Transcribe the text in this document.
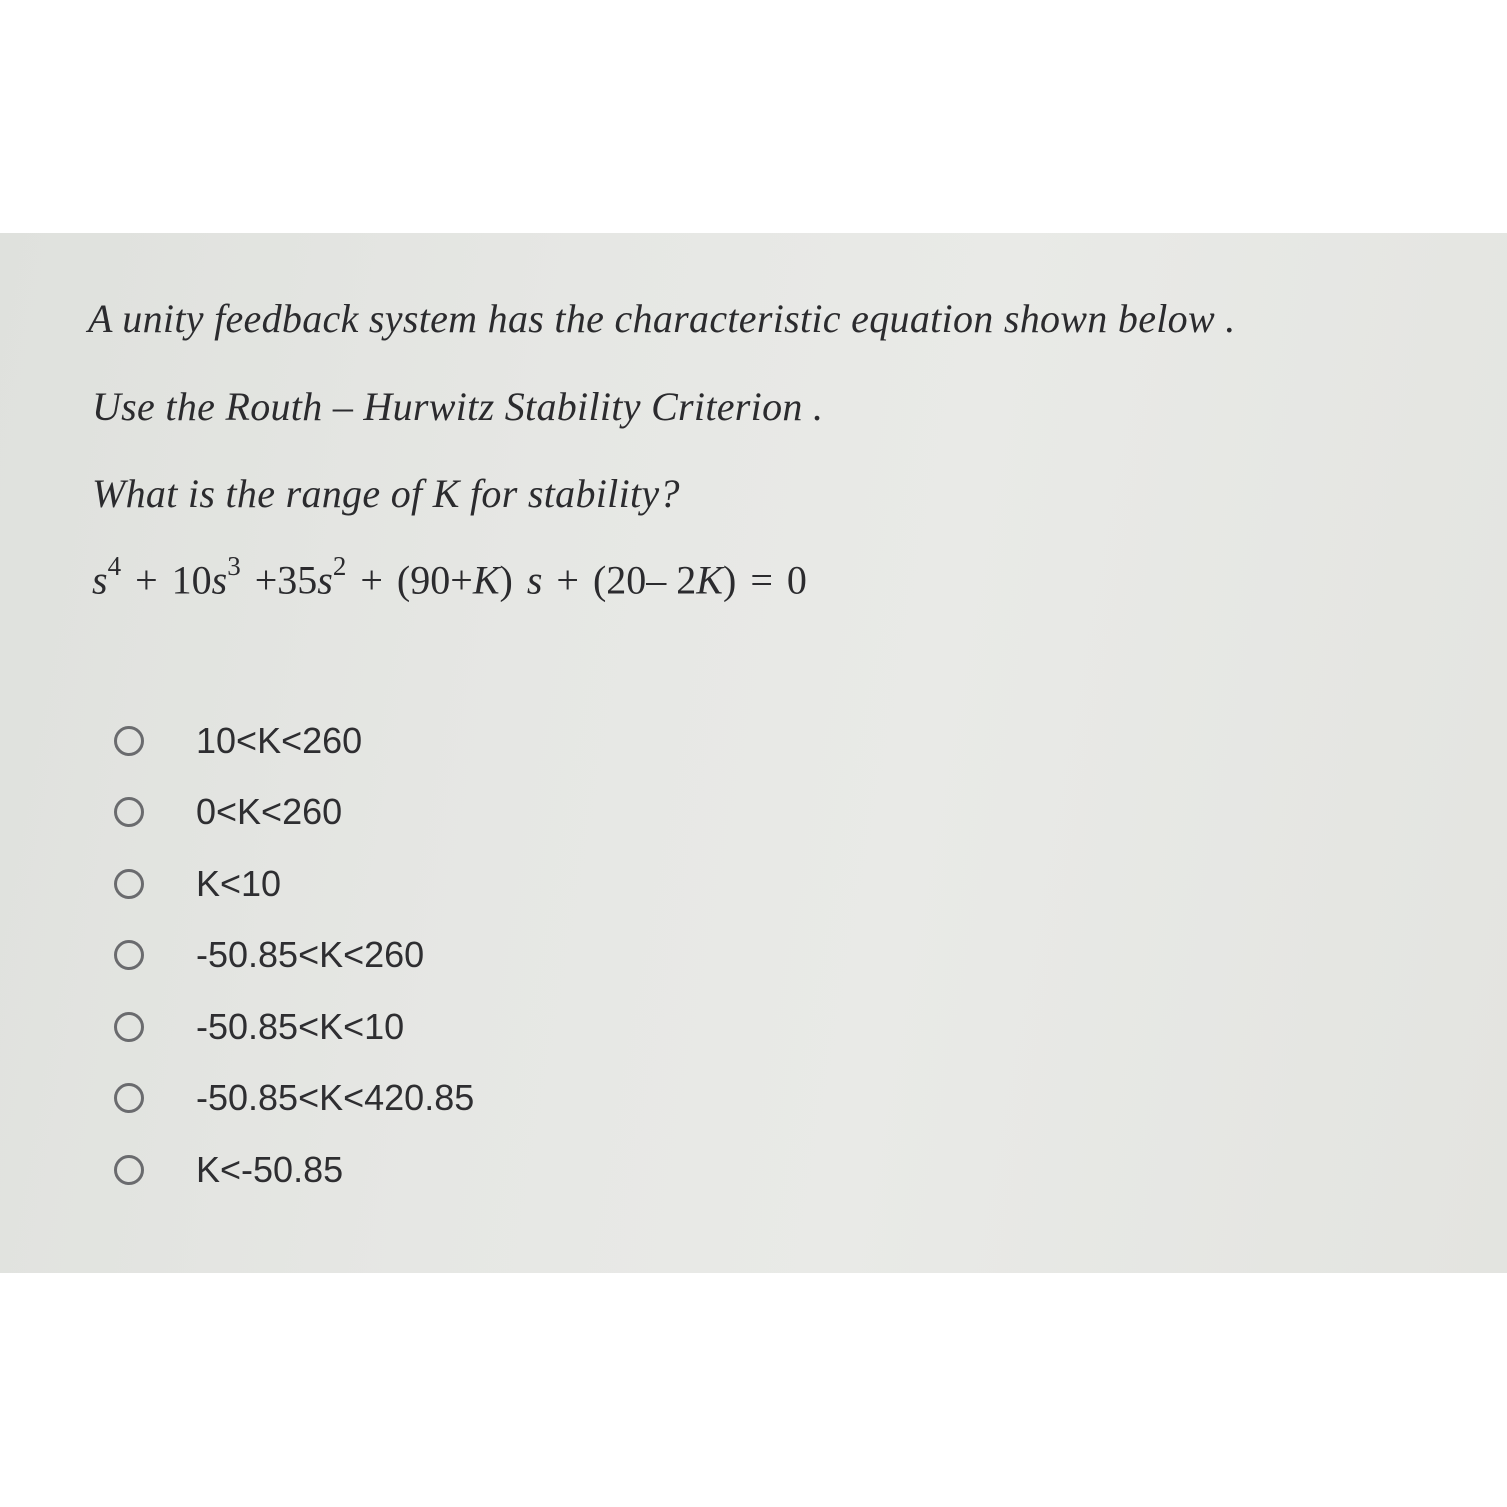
A unity feedback system has the characteristic equation shown below .
Use the Routh – Hurwitz Stability Criterion .
What is the range of K for stability?
$s^4 + 10s^3 +35s^2 + (90+K) s + (20-$ 2K) = 0
10<K<260
0<K<260
K<10
-50.85<K<260
-50.85<K<10
-50.85<K<420.85
K<-50.85
